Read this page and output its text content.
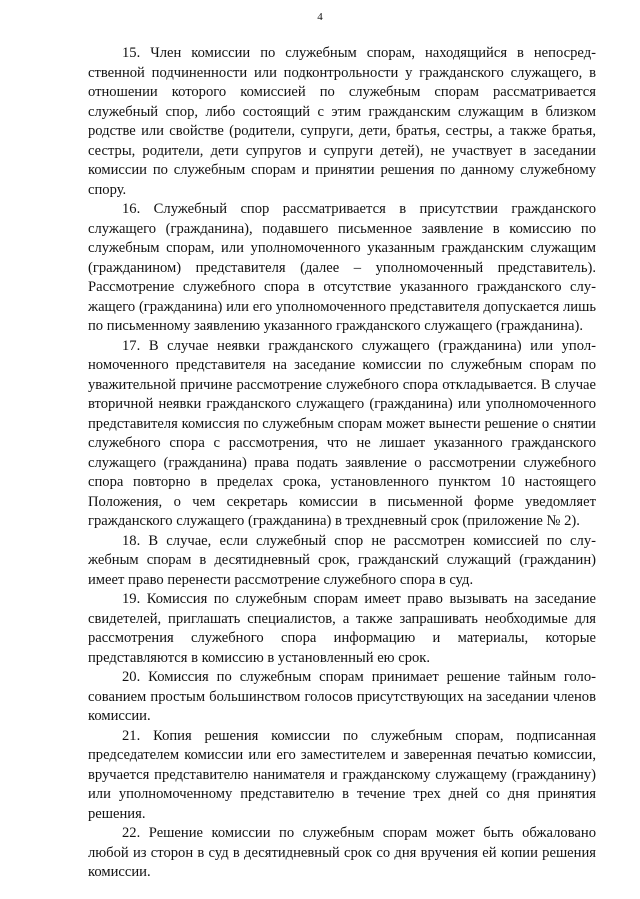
4

15. Член комиссии по служебным спорам, находящийся в непосредственной подчиненности или подконтрольности у гражданского служащего, в отношении которого комиссией по служебным спорам рассматривается служебный спор, либо состоящий с этим гражданским служащим в близком родстве или свойстве (родители, супруги, дети, братья, сестры, а также братья, сестры, родители, дети супругов и супруги детей), не участвует в заседании комиссии по служебным спорам и принятии решения по данному служебному спору.

16. Служебный спор рассматривается в присутствии гражданского служащего (гражданина), подавшего письменное заявление в комиссию по служебным спорам, или уполномоченного указанным гражданским служащим (гражданином) представителя (далее – уполномоченный представитель). Рассмотрение служебного спора в отсутствие указанного гражданского служащего (гражданина) или его уполномоченного представителя допускается лишь по письменному заявлению указанного гражданского служащего (гражданина).

17. В случае неявки гражданского служащего (гражданина) или уполномоченного представителя на заседание комиссии по служебным спорам по уважительной причине рассмотрение служебного спора откладывается. В случае вторичной неявки гражданского служащего (гражданина) или уполномоченного представителя комиссия по служебным спорам может вынести решение о снятии служебного спора с рассмотрения, что не лишает указанного гражданского служащего (гражданина) права подать заявление о рассмотрении служебного спора повторно в пределах срока, установленного пунктом 10 настоящего Положения, о чем секретарь комиссии в письменной форме уведомляет гражданского служащего (гражданина) в трехдневный срок (приложение № 2).

18. В случае, если служебный спор не рассмотрен комиссией по служебным спорам в десятидневный срок, гражданский служащий (гражданин) имеет право перенести рассмотрение служебного спора в суд.

19. Комиссия по служебным спорам имеет право вызывать на заседание свидетелей, приглашать специалистов, а также запрашивать необходимые для рассмотрения служебного спора информацию и материалы, которые представляются в комиссию в установленный ею срок.

20. Комиссия по служебным спорам принимает решение тайным голосованием простым большинством голосов присутствующих на заседании членов комиссии.

21. Копия решения комиссии по служебным спорам, подписанная председателем комиссии или его заместителем и заверенная печатью комиссии, вручается представителю нанимателя и гражданскому служащему (гражданину) или уполномоченному представителю в течение трех дней со дня принятия решения.

22. Решение комиссии по служебным спорам может быть обжаловано любой из сторон в суд в десятидневный срок со дня вручения ей копии решения комиссии.
